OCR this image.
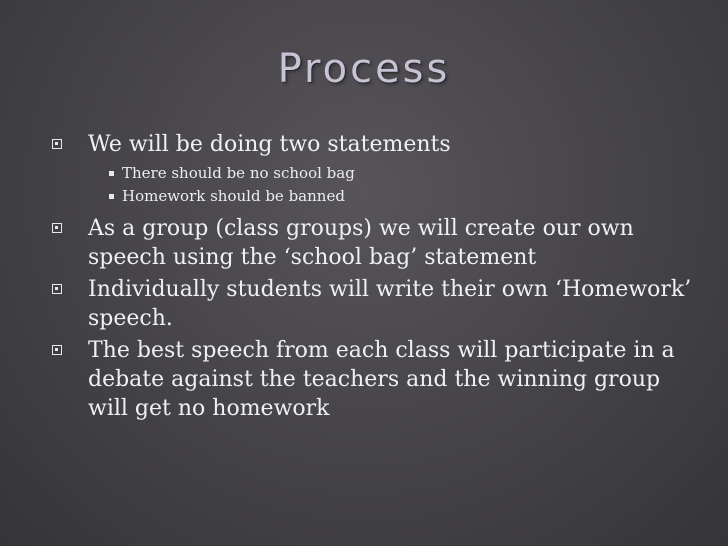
Process
We will be doing two statements
There should be no school bag
Homework should be banned
As a group (class groups) we will create our own speech using the ‘school bag’ statement
Individually students will write their own ‘Homework’ speech.
The best speech from each class will participate in a debate against the teachers and the winning group will get no homework
